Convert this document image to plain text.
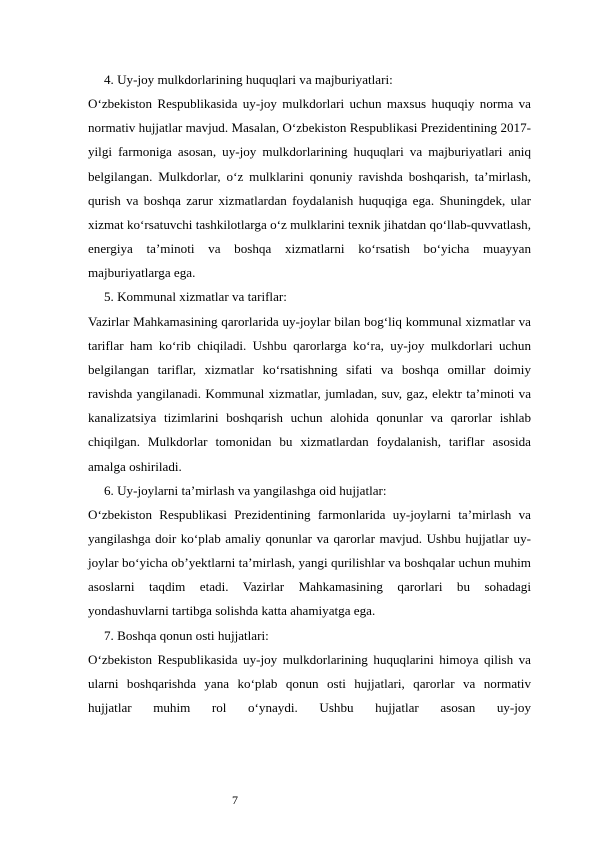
4. Uy-joy mulkdorlarining huquqlari va majburiyatlari:

O‘zbekiston Respublikasida uy-joy mulkdorlari uchun maxsus huquqiy norma va normativ hujjatlar mavjud. Masalan, O‘zbekiston Respublikasi Prezidentining 2017-yilgi farmoniga asosan, uy-joy mulkdorlarining huquqlari va majburiyatlari aniq belgilangan. Mulkdorlar, o‘z mulklarini qonuniy ravishda boshqarish, ta’mirlash, qurish va boshqa zarur xizmatlardan foydalanish huquqiga ega. Shuningdek, ular xizmat ko‘rsatuvchi tashkilotlarga o‘z mulklarini texnik jihatdan qo‘llab-quvvatlash, energiya ta’minoti va boshqa xizmatlarni ko‘rsatish bo‘yicha muayyan majburiyatlarga ega.

5. Kommunal xizmatlar va tariflar:

Vazirlar Mahkamasining qarorlarida uy-joylar bilan bog‘liq kommunal xizmatlar va tariflar ham ko‘rib chiqiladi. Ushbu qarorlarga ko‘ra, uy-joy mulkdorlari uchun belgilangan tariflar, xizmatlar ko‘rsatishning sifati va boshqa omillar doimiy ravishda yangilanadi. Kommunal xizmatlar, jumladan, suv, gaz, elektr ta’minoti va kanalizatsiya tizimlarini boshqarish uchun alohida qonunlar va qarorlar ishlab chiqilgan. Mulkdorlar tomonidan bu xizmatlardan foydalanish, tariflar asosida amalga oshiriladi.

6. Uy-joylarni ta’mirlash va yangilashga oid hujjatlar:

O‘zbekiston Respublikasi Prezidentining farmonlarida uy-joylarni ta’mirlash va yangilashga doir ko‘plab amaliy qonunlar va qarorlar mavjud. Ushbu hujjatlar uy-joylar bo‘yicha ob’yektlarni ta’mirlash, yangi qurilishlar va boshqalar uchun muhim asoslarni taqdim etadi. Vazirlar Mahkamasining qarorlari bu sohadagi yondashuvlarni tartibga solishda katta ahamiyatga ega.

7. Boshqa qonun osti hujjatlari:

O‘zbekiston Respublikasida uy-joy mulkdorlarining huquqlarini himoya qilish va ularni boshqarishda yana ko‘plab qonun osti hujjatlari, qarorlar va normativ hujjatlar muhim rol o‘ynaydi. Ushbu hujjatlar asosan uy-joy

7
